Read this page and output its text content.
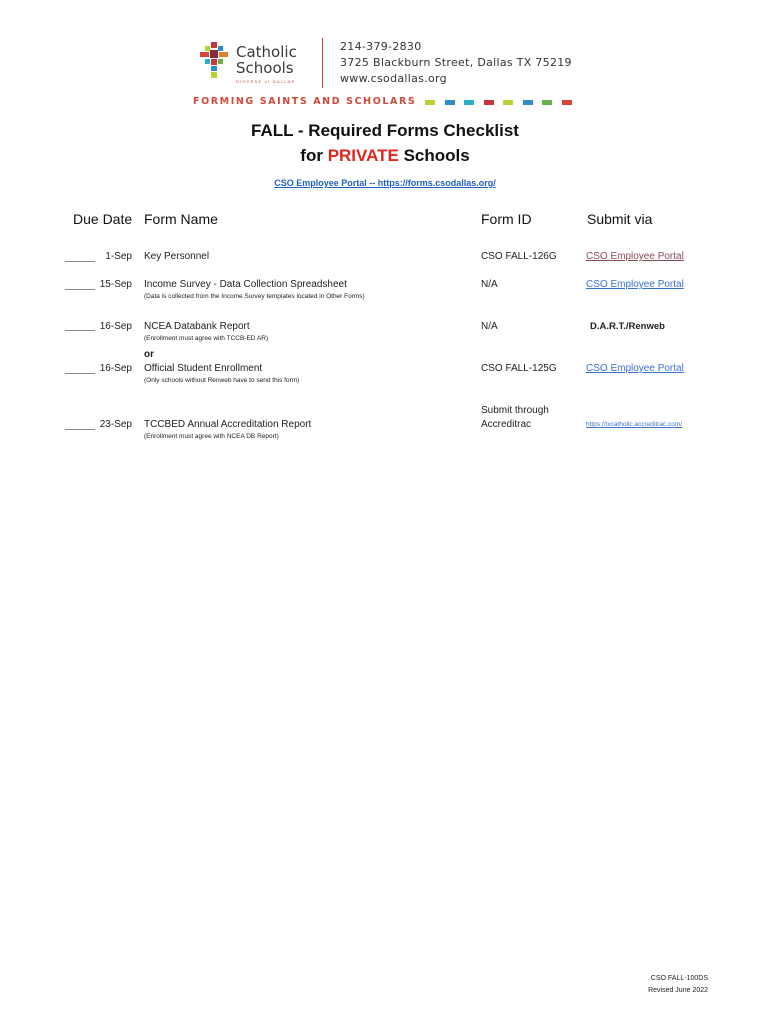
Catholic
Schools
DIOCESE of DALLAS
214-379-2830
3725 Blackburn Street, Dallas TX 75219
www.csodallas.org
FORMING SAINTS AND SCHOLARS
FALL - Required Forms Checklist
for PRIVATE Schools
CSO Employee Portal -- https://forms.csodallas.org/
Due Date Form Name	Form ID	Submit via
1-Sep Key Personnel	CSO FALL-126G	CSO Employee Portal
15-Sep Income Survey - Data Collection Spreadsheet
(Data is collected from the Income Survey templates located in Other Forms)
N/A	CSO Employee Portal
16-Sep NCEA Databank Report
(Enrollment must agree with TCCB-ED AR)
N/A	D.A.R.T./Renweb
or
16-Sep Official Student Enrollment
(Only schools without Renweb have to send this form)
CSO FALL-125G	CSO Employee Portal
23-Sep TCCBED Annual Accreditation Report
(Enrollment must agree with NCEA DB Report)
Submit through
Accreditrac	https://txcatholic.accreditrac.com/
CSO FALL-100DS
Revised June 2022
